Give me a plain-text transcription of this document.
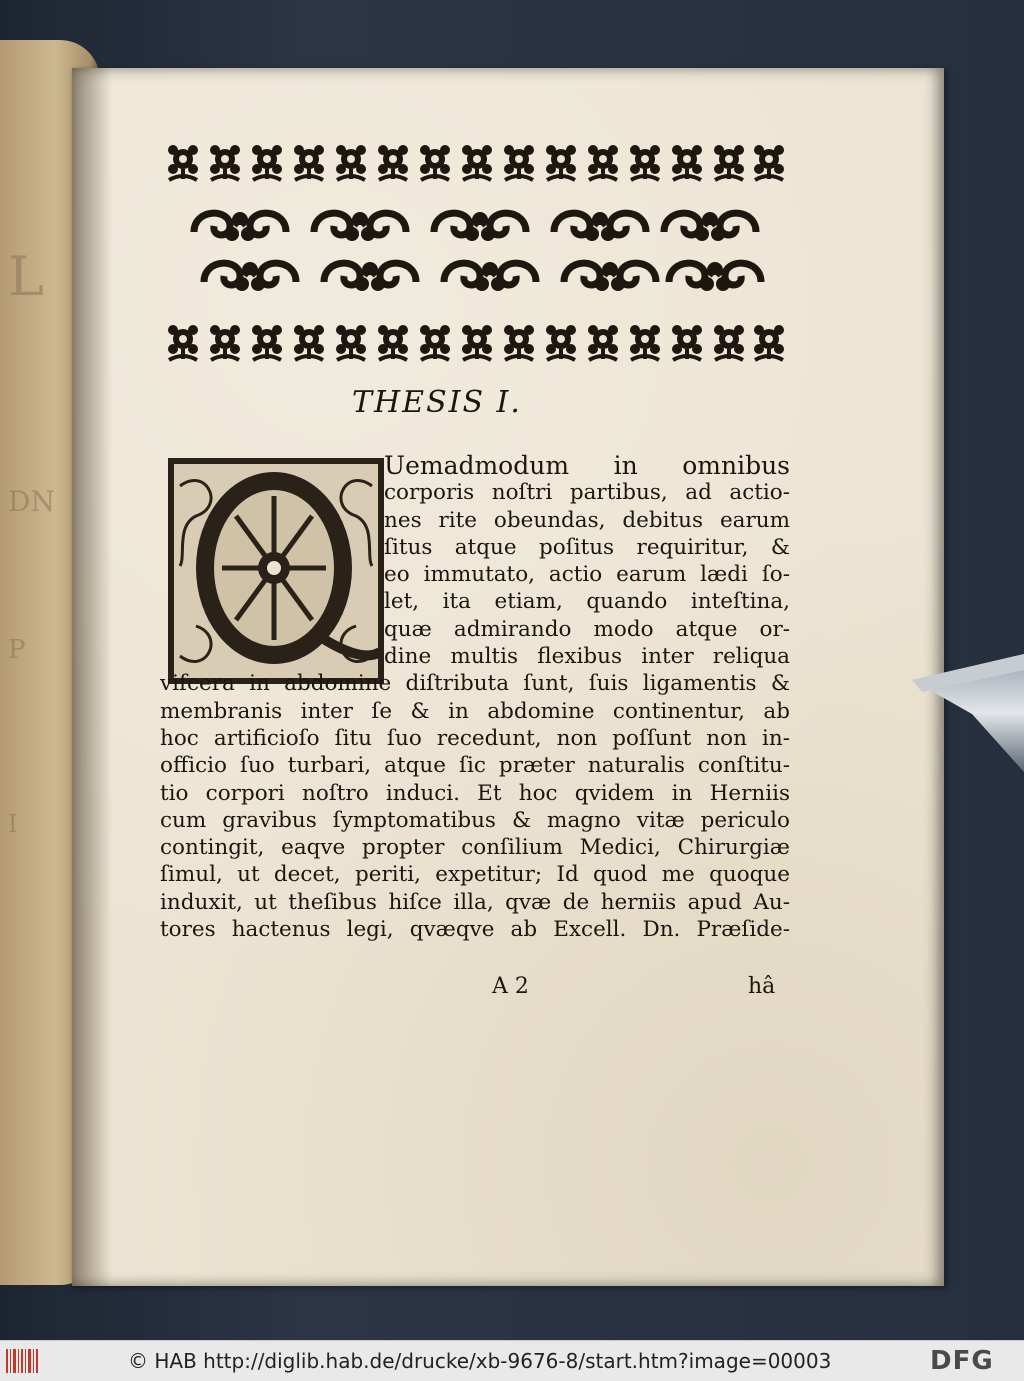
L
DN
P
I
THESIS I.
Uemadmodum in omnibus
corporis noſtri partibus, ad actio-
nes rite obeundas, debitus earum
ſitus atque poſitus requiritur, &
eo immutato, actio earum lædi ſo-
let, ita etiam, quando inteſtina,
quæ admirando modo atque or-
dine multis flexibus inter reliqua
viſcera in abdomine diſtributa ſunt, ſuis ligamentis &
membranis inter ſe & in abdomine continentur, ab
hoc artificioſo ſitu ſuo recedunt, non poſſunt non in-
officio ſuo turbari, atque ſic præter naturalis conſtitu-
tio corpori noſtro induci. Et hoc qvidem in Herniis
cum gravibus ſymptomatibus & magno vitæ periculo
contingit, eaqve propter conſilium Medici, Chirurgiæ
ſimul, ut decet, periti, expetitur; Id quod me quoque
induxit, ut theſibus hiſce illa, qvæ de herniis apud Au-
tores hactenus legi, qvæqve ab Excell. Dn. Præſide-
A 2	hâ
© HAB http://diglib.hab.de/drucke/xb-9676-8/start.htm?image=00003	DFG
